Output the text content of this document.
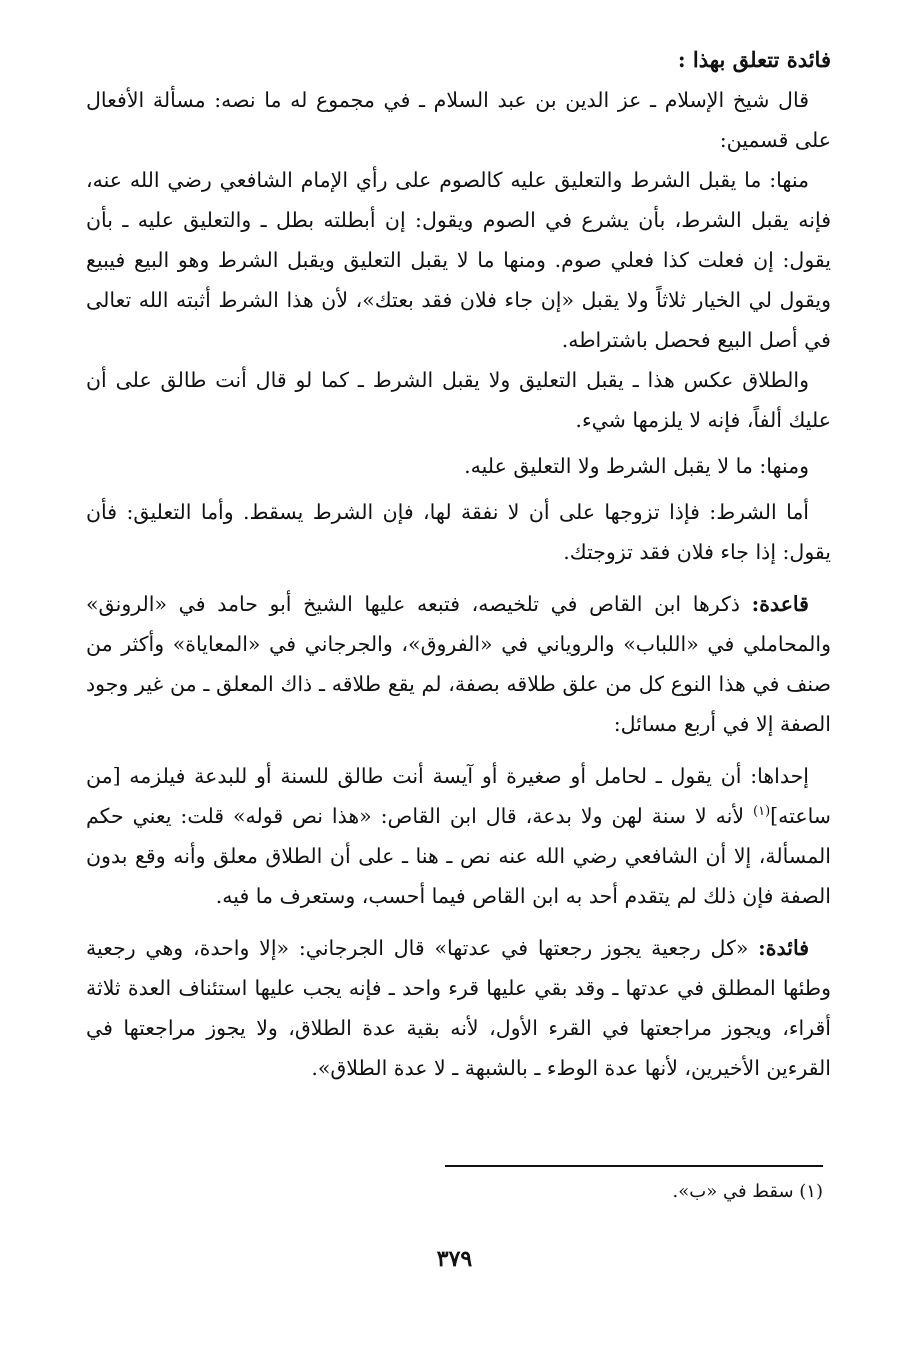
فائدة تتعلق بهذا :

قال شيخ الإسلام ـ عز الدين بن عبد السلام ـ في مجموع له ما نصه: مسألة الأفعال على قسمين:

منها: ما يقبل الشرط والتعليق عليه كالصوم على رأي الإمام الشافعي رضي الله عنه، فإنه يقبل الشرط، بأن يشرع في الصوم ويقول: إن أبطلته بطل ـ والتعليق عليه ـ بأن يقول: إن فعلت كذا فعلي صوم. ومنها ما لا يقبل التعليق ويقبل الشرط وهو البيع فيبيع ويقول لي الخيار ثلاثاً ولا يقبل «إن جاء فلان فقد بعتك»، لأن هذا الشرط أثبته الله تعالى في أصل البيع فحصل باشتراطه.

والطلاق عكس هذا ـ يقبل التعليق ولا يقبل الشرط ـ كما لو قال أنت طالق على أن عليك ألفاً، فإنه لا يلزمها شيء.

ومنها: ما لا يقبل الشرط ولا التعليق عليه.

أما الشرط: فإذا تزوجها على أن لا نفقة لها، فإن الشرط يسقط. وأما التعليق: فأن يقول: إذا جاء فلان فقد تزوجتك.

قاعدة: ذكرها ابن القاص في تلخيصه، فتبعه عليها الشيخ أبو حامد في «الرونق» والمحاملي في «اللباب» والروياني في «الفروق»، والجرجاني في «المعاياة» وأكثر من صنف في هذا النوع كل من علق طلاقه بصفة، لم يقع طلاقه ـ ذاك المعلق ـ من غير وجود الصفة إلا في أربع مسائل:

إحداها: أن يقول ـ لحامل أو صغيرة أو آيسة أنت طالق للسنة أو للبدعة فيلزمه [من ساعته]$^{(١)}$ لأنه لا سنة لهن ولا بدعة، قال ابن القاص: «هذا نص قوله» قلت: يعني حكم المسألة، إلا أن الشافعي رضي الله عنه نص ـ هنا ـ على أن الطلاق معلق وأنه وقع بدون الصفة فإن ذلك لم يتقدم أحد به ابن القاص فيما أحسب، وستعرف ما فيه.

فائدة: «كل رجعية يجوز رجعتها في عدتها» قال الجرجاني: «إلا واحدة، وهي رجعية وطئها المطلق في عدتها ـ وقد بقي عليها قرء واحد ـ فإنه يجب عليها استئناف العدة ثلاثة أقراء، ويجوز مراجعتها في القرء الأول، لأنه بقية عدة الطلاق، ولا يجوز مراجعتها في القرءين الأخيرين، لأنها عدة الوطء ـ بالشبهة ـ لا عدة الطلاق».

(١) سقط في «ب».

٣٧٩
